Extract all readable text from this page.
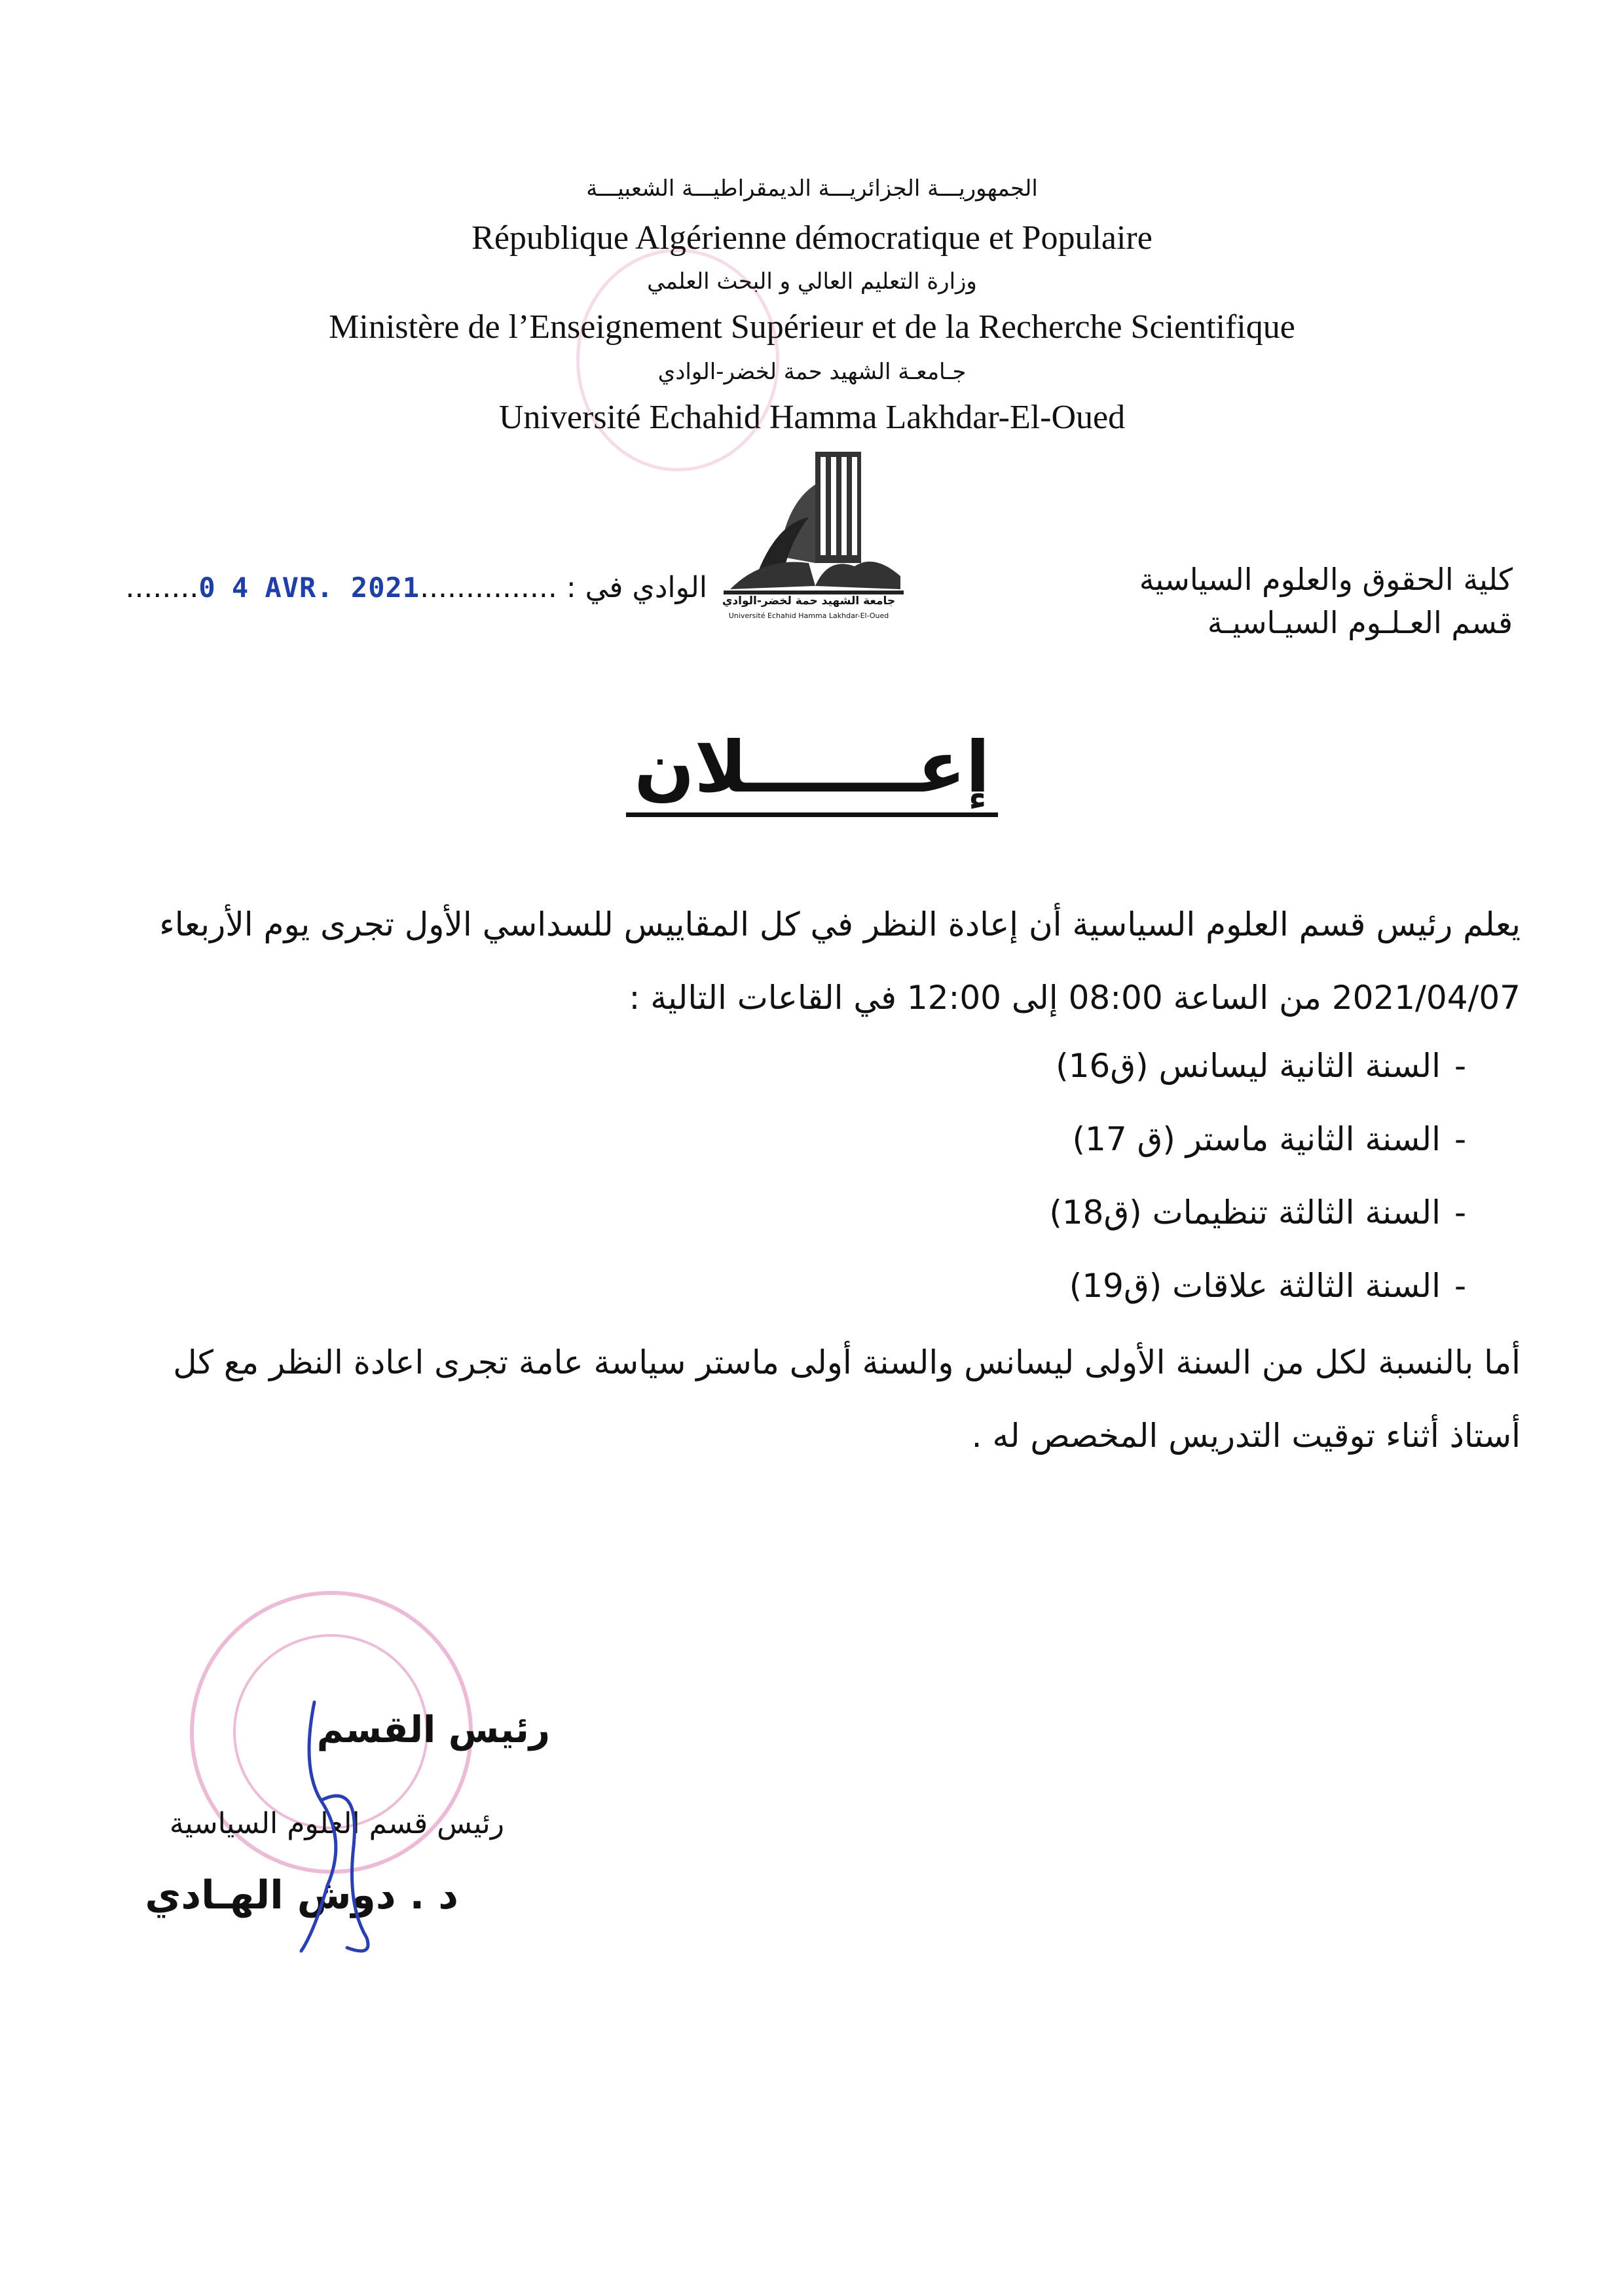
الجمهوريـــة الجزائريـــة الديمقراطيـــة الشعبيـــة
République Algérienne démocratique et Populaire
وزارة التعليم العالي و البحث العلمي
Ministère de l’Enseignement Supérieur et de la Recherche Scientifique
جـامعـة الشهيد حمة لخضر-الوادي
Université Echahid Hamma Lakhdar-El-Oued
جامعة الشهيد حمة لخضر-الوادي
Université Echahid Hamma Lakhdar-El-Oued
كلية الحقوق والعلوم السياسية
قسم العـلـوم السيـاسيـة
الوادي في : ........0 4 AVR. 2021...............
إعـــــــلان
يعلم رئيس قسم العلوم السياسية أن إعادة النظر في كل المقاييس للسداسي الأول تجرى يوم الأربعاء
2021/04/07 من الساعة 08:00 إلى 12:00 في القاعات التالية :
-السنة الثانية ليسانس (ق16)
-السنة الثانية ماستر (ق 17)
-السنة الثالثة تنظيمات (ق18)
-السنة الثالثة علاقات (ق19)
أما بالنسبة لكل من السنة الأولى ليسانس والسنة أولى ماستر سياسة عامة تجرى اعادة النظر مع كل
أستاذ أثناء توقيت التدريس المخصص له .
رئيس القسم
رئيس قسم العلوم السياسية
د . دوش الهـادي
